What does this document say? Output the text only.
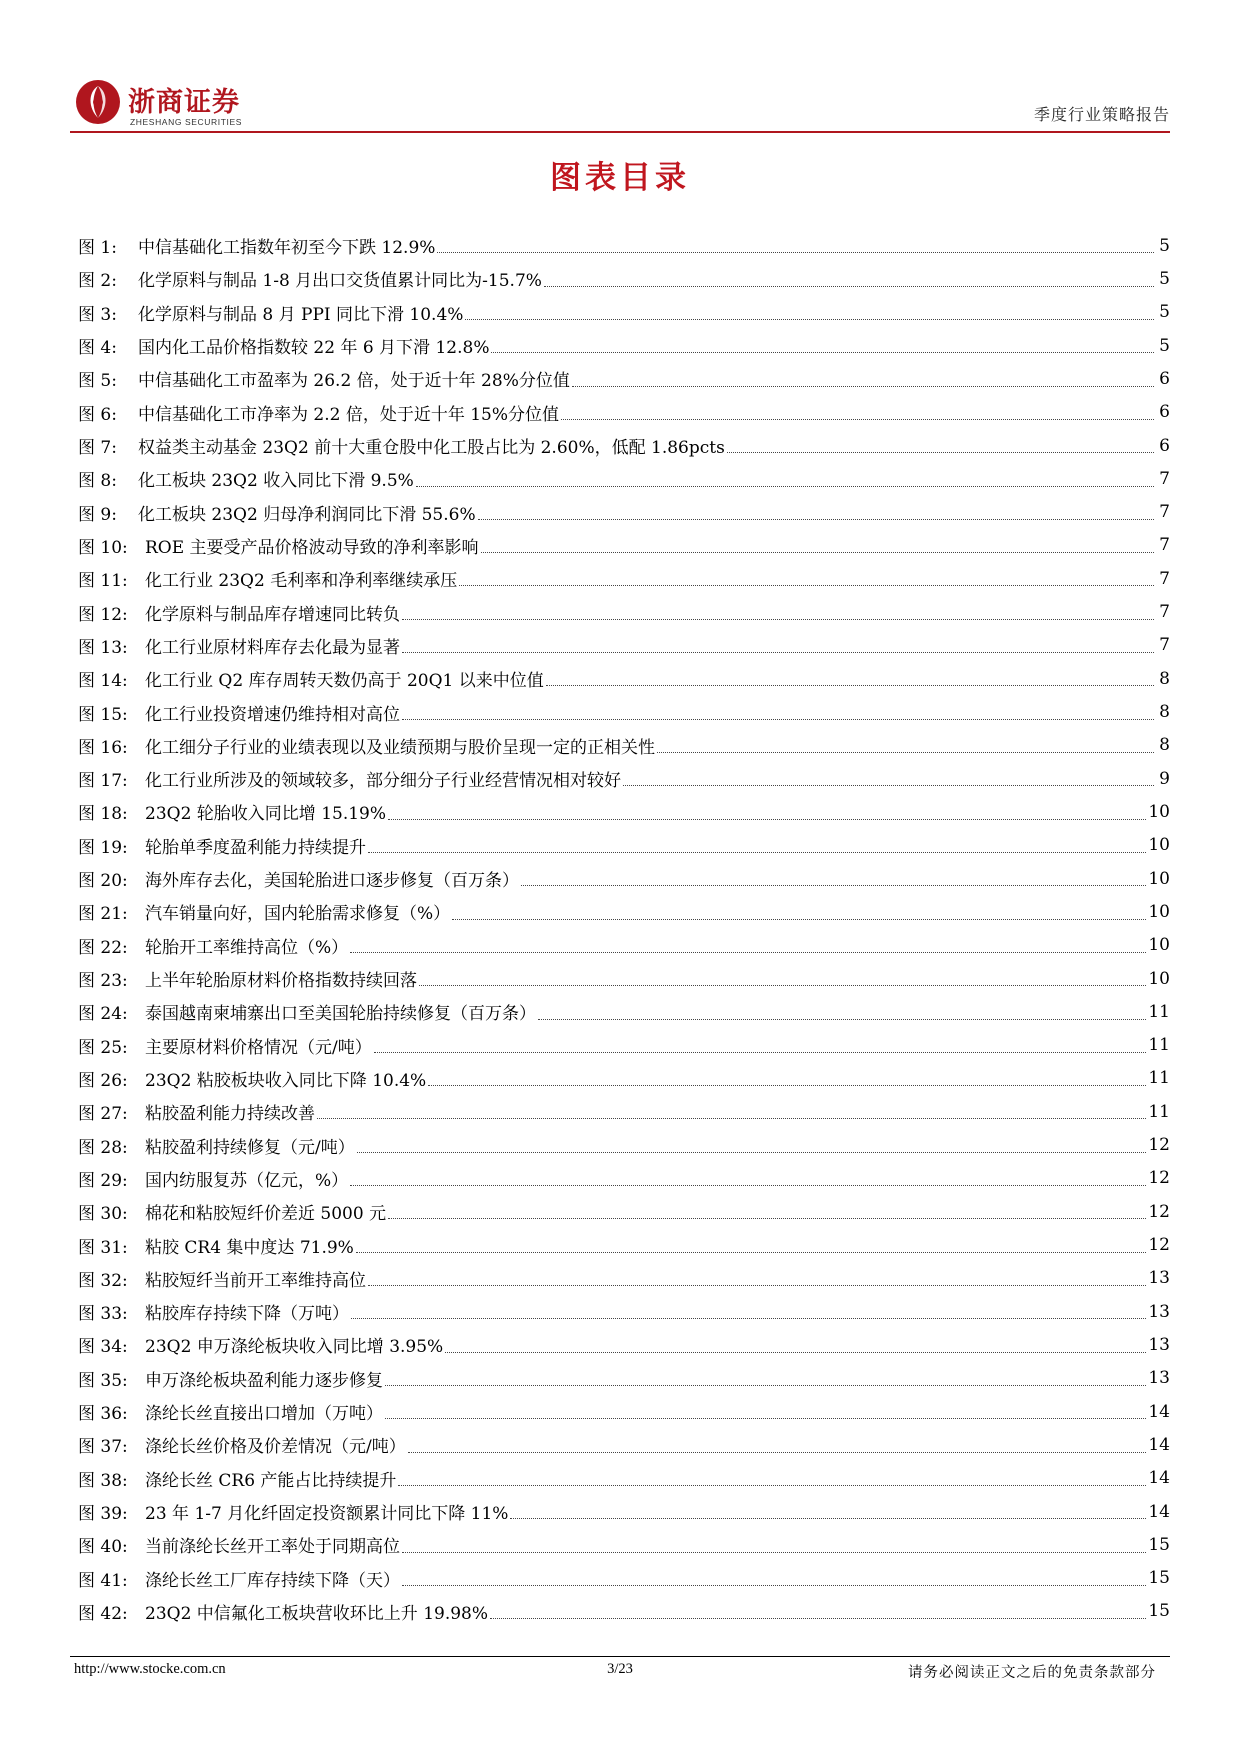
浙商证券
ZHESHANG SECURITIES	季度行业策略报告
图表目录
图 1:	中信基础化工指数年初至今下跌 12.9%	5
图 2:	化学原料与制品 1-8 月出口交货值累计同比为-15.7%	5
图 3:	化学原料与制品 8 月 PPI 同比下滑 10.4%	5
图 4:	国内化工品价格指数较 22 年 6 月下滑 12.8%	5
图 5:	中信基础化工市盈率为 26.2 倍，处于近十年 28%分位值	6
图 6:	中信基础化工市净率为 2.2 倍，处于近十年 15%分位值	6
图 7:	权益类主动基金 23Q2 前十大重仓股中化工股占比为 2.60%，低配 1.86pcts	6
图 8:	化工板块 23Q2 收入同比下滑 9.5%	7
图 9:	化工板块 23Q2 归母净利润同比下滑 55.6%	7
图 10:	ROE 主要受产品价格波动导致的净利率影响	7
图 11:	化工行业 23Q2 毛利率和净利率继续承压	7
图 12:	化学原料与制品库存增速同比转负	7
图 13:	化工行业原材料库存去化最为显著	7
图 14:	化工行业 Q2 库存周转天数仍高于 20Q1 以来中位值	8
图 15:	化工行业投资增速仍维持相对高位	8
图 16:	化工细分子行业的业绩表现以及业绩预期与股价呈现一定的正相关性	8
图 17:	化工行业所涉及的领域较多，部分细分子行业经营情况相对较好	9
图 18:	23Q2 轮胎收入同比增 15.19%	10
图 19:	轮胎单季度盈利能力持续提升	10
图 20:	海外库存去化，美国轮胎进口逐步修复（百万条）	10
图 21:	汽车销量向好，国内轮胎需求修复（%）	10
图 22:	轮胎开工率维持高位（%）	10
图 23:	上半年轮胎原材料价格指数持续回落	10
图 24:	泰国越南柬埔寨出口至美国轮胎持续修复（百万条）	11
图 25:	主要原材料价格情况（元/吨）	11
图 26:	23Q2 粘胶板块收入同比下降 10.4%	11
图 27:	粘胶盈利能力持续改善	11
图 28:	粘胶盈利持续修复（元/吨）	12
图 29:	国内纺服复苏（亿元，%）	12
图 30:	棉花和粘胶短纤价差近 5000 元	12
图 31:	粘胶 CR4 集中度达 71.9%	12
图 32:	粘胶短纤当前开工率维持高位	13
图 33:	粘胶库存持续下降（万吨）	13
图 34:	23Q2 申万涤纶板块收入同比增 3.95%	13
图 35:	申万涤纶板块盈利能力逐步修复	13
图 36:	涤纶长丝直接出口增加（万吨）	14
图 37:	涤纶长丝价格及价差情况（元/吨）	14
图 38:	涤纶长丝 CR6 产能占比持续提升	14
图 39:	23 年 1-7 月化纤固定投资额累计同比下降 11%	14
图 40:	当前涤纶长丝开工率处于同期高位	15
图 41:	涤纶长丝工厂库存持续下降（天）	15
图 42:	23Q2 中信氟化工板块营收环比上升 19.98%	15
http://www.stocke.com.cn	3/23	请务必阅读正文之后的免责条款部分
